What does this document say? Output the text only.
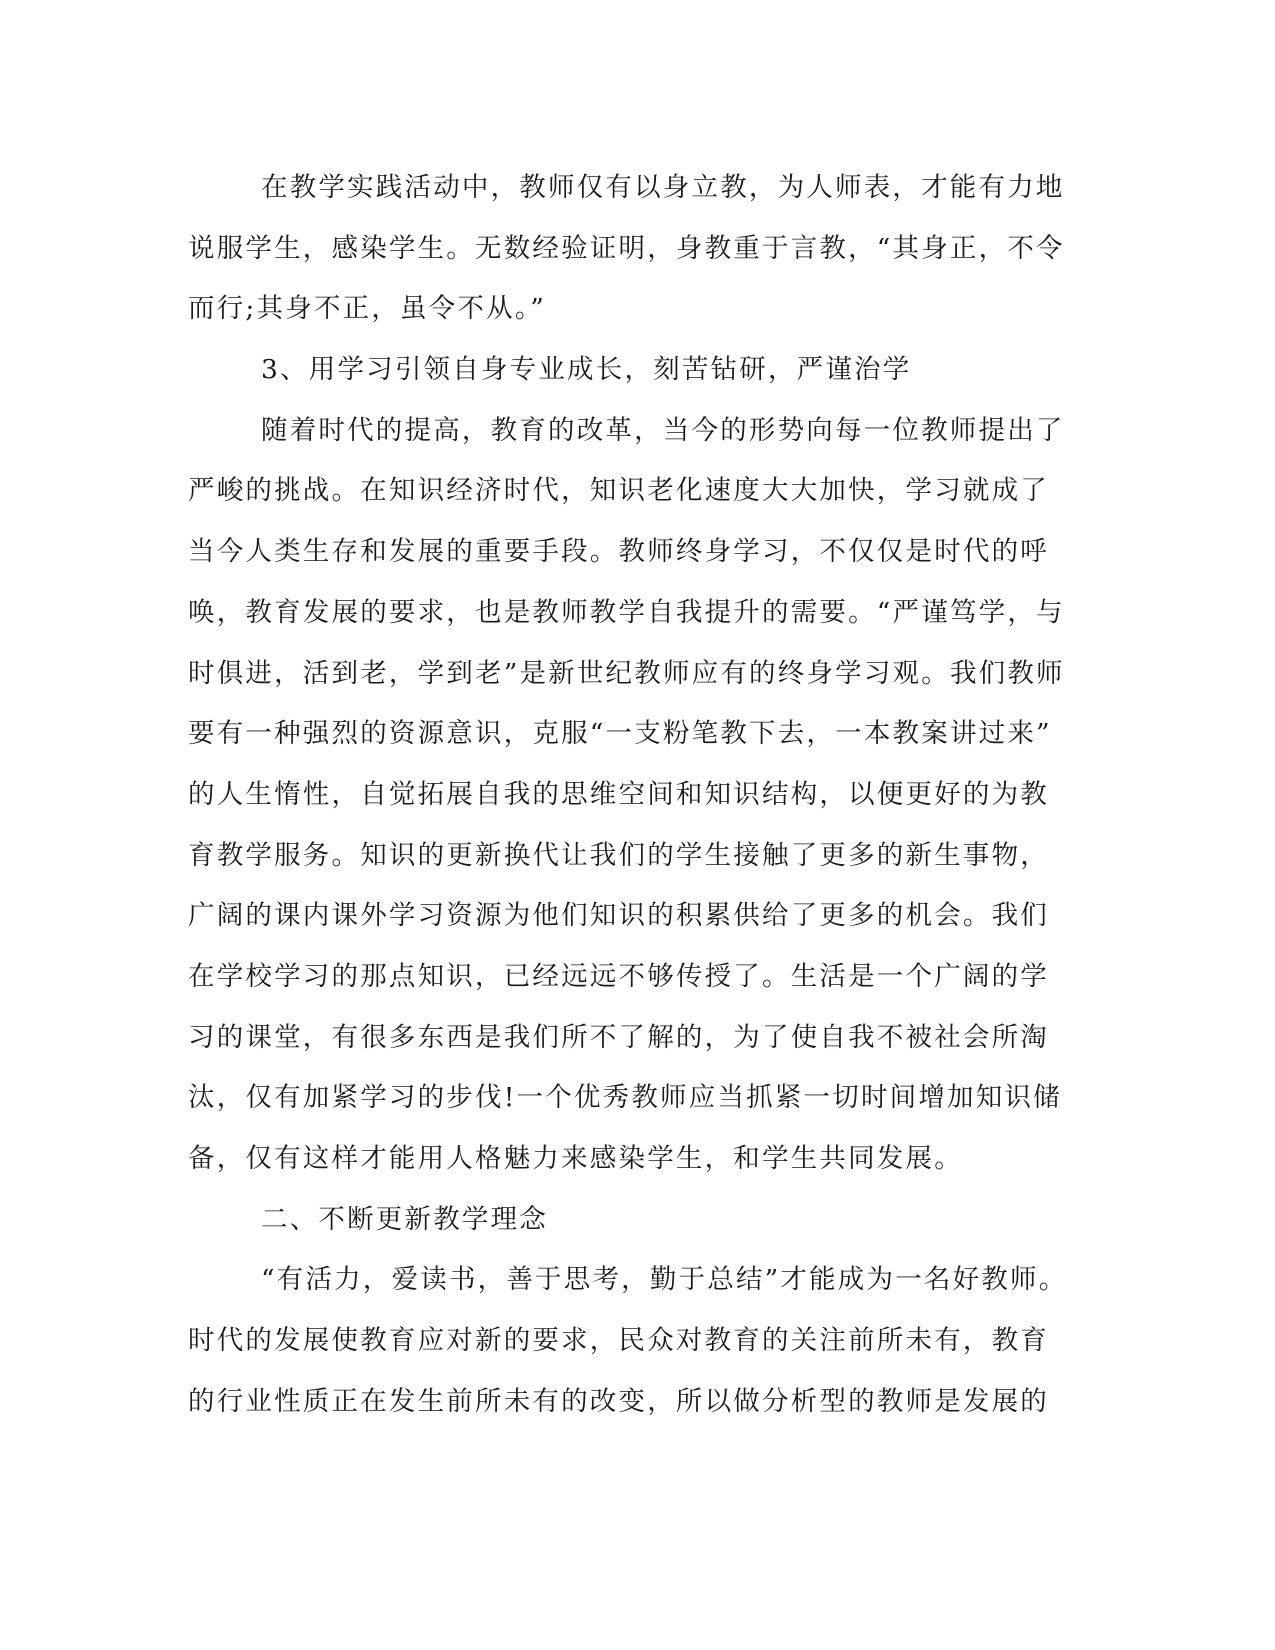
在教学实践活动中，教师仅有以身立教，为人师表，才能有力地
说服学生，感染学生。无数经验证明，身教重于言教，“其身正，不令
而行;其身不正，虽令不从。”
3、用学习引领自身专业成长，刻苦钻研，严谨治学
随着时代的提高，教育的改革，当今的形势向每一位教师提出了
严峻的挑战。在知识经济时代，知识老化速度大大加快，学习就成了
当今人类生存和发展的重要手段。教师终身学习，不仅仅是时代的呼
唤，教育发展的要求，也是教师教学自我提升的需要。“严谨笃学，与
时俱进，活到老，学到老”是新世纪教师应有的终身学习观。我们教师
要有一种强烈的资源意识，克服“一支粉笔教下去，一本教案讲过来”
的人生惰性，自觉拓展自我的思维空间和知识结构，以便更好的为教
育教学服务。知识的更新换代让我们的学生接触了更多的新生事物，
广阔的课内课外学习资源为他们知识的积累供给了更多的机会。我们
在学校学习的那点知识，已经远远不够传授了。生活是一个广阔的学
习的课堂，有很多东西是我们所不了解的，为了使自我不被社会所淘
汰，仅有加紧学习的步伐!一个优秀教师应当抓紧一切时间增加知识储
备，仅有这样才能用人格魅力来感染学生，和学生共同发展。
二、不断更新教学理念
“有活力，爱读书，善于思考，勤于总结”才能成为一名好教师。
时代的发展使教育应对新的要求，民众对教育的关注前所未有，教育
的行业性质正在发生前所未有的改变，所以做分析型的教师是发展的
